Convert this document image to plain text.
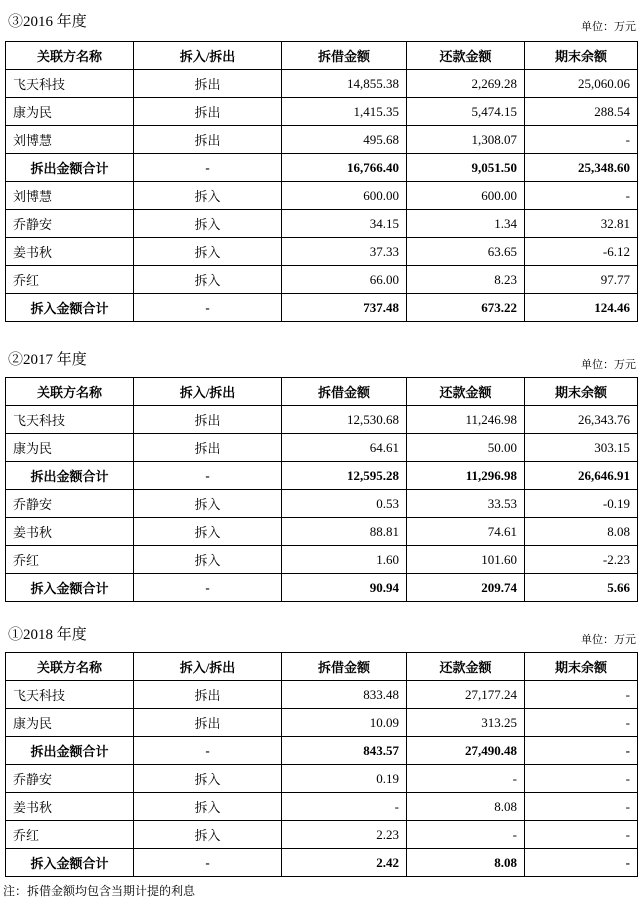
③2016 年度	单位：万元
关联方名称	拆入/拆出	拆借金额	还款金额	期末余额
飞天科技	拆出	14,855.38	2,269.28	25,060.06
康为民	拆出	1,415.35	5,474.15	288.54
刘博慧	拆出	495.68	1,308.07	-
拆出金额合计	-	16,766.40	9,051.50	25,348.60
刘博慧	拆入	600.00	600.00	-
乔静安	拆入	34.15	1.34	32.81
姜书秋	拆入	37.33	63.65	-6.12
乔红	拆入	66.00	8.23	97.77
拆入金额合计	-	737.48	673.22	124.46
②2017 年度	单位：万元
关联方名称	拆入/拆出	拆借金额	还款金额	期末余额
飞天科技	拆出	12,530.68	11,246.98	26,343.76
康为民	拆出	64.61	50.00	303.15
拆出金额合计	-	12,595.28	11,296.98	26,646.91
乔静安	拆入	0.53	33.53	-0.19
姜书秋	拆入	88.81	74.61	8.08
乔红	拆入	1.60	101.60	-2.23
拆入金额合计	-	90.94	209.74	5.66
①2018 年度	单位：万元
关联方名称	拆入/拆出	拆借金额	还款金额	期末余额
飞天科技	拆出	833.48	27,177.24	-
康为民	拆出	10.09	313.25	-
拆出金额合计	-	843.57	27,490.48	-
乔静安	拆入	0.19	-	-
姜书秋	拆入	-	8.08	-
乔红	拆入	2.23	-	-
拆入金额合计	-	2.42	8.08	-
注：拆借金额均包含当期计提的利息
